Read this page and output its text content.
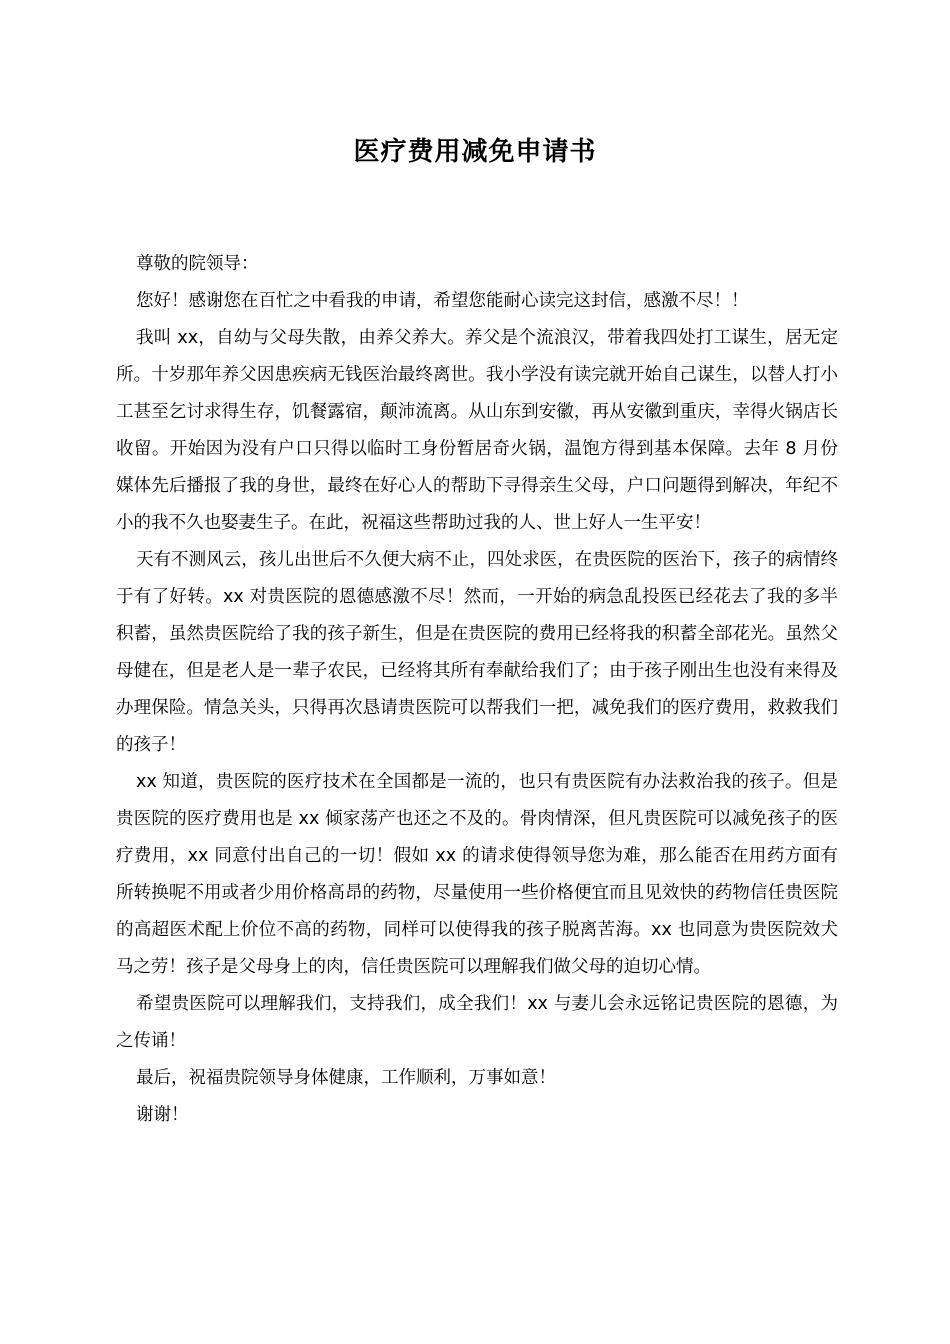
医疗费用减免申请书

尊敬的院领导：

您好！感谢您在百忙之中看我的申请，希望您能耐心读完这封信，感激不尽！！

我叫 xx，自幼与父母失散，由养父养大。养父是个流浪汉，带着我四处打工谋生，居无定所。十岁那年养父因患疾病无钱医治最终离世。我小学没有读完就开始自己谋生，以替人打小工甚至乞讨求得生存，饥餐露宿，颠沛流离。从山东到安徽，再从安徽到重庆，幸得火锅店长收留。开始因为没有户口只得以临时工身份暂居奇火锅，温饱方得到基本保障。去年 8 月份媒体先后播报了我的身世，最终在好心人的帮助下寻得亲生父母，户口问题得到解决，年纪不小的我不久也娶妻生子。在此，祝福这些帮助过我的人、世上好人一生平安！

天有不测风云，孩儿出世后不久便大病不止，四处求医，在贵医院的医治下，孩子的病情终于有了好转。xx 对贵医院的恩德感激不尽！然而，一开始的病急乱投医已经花去了我的多半积蓄，虽然贵医院给了我的孩子新生，但是在贵医院的费用已经将我的积蓄全部花光。虽然父母健在，但是老人是一辈子农民，已经将其所有奉献给我们了；由于孩子刚出生也没有来得及办理保险。情急关头，只得再次恳请贵医院可以帮我们一把，减免我们的医疗费用，救救我们的孩子！

xx 知道，贵医院的医疗技术在全国都是一流的，也只有贵医院有办法救治我的孩子。但是贵医院的医疗费用也是 xx 倾家荡产也还之不及的。骨肉情深，但凡贵医院可以减免孩子的医疗费用，xx 同意付出自己的一切！假如 xx 的请求使得领导您为难，那么能否在用药方面有所转换呢不用或者少用价格高昂的药物，尽量使用一些价格便宜而且见效快的药物信任贵医院的高超医术配上价位不高的药物，同样可以使得我的孩子脱离苦海。xx 也同意为贵医院效犬马之劳！孩子是父母身上的肉，信任贵医院可以理解我们做父母的迫切心情。

希望贵医院可以理解我们，支持我们，成全我们！xx 与妻儿会永远铭记贵医院的恩德，为之传诵！

最后，祝福贵院领导身体健康，工作顺利，万事如意！

谢谢！
